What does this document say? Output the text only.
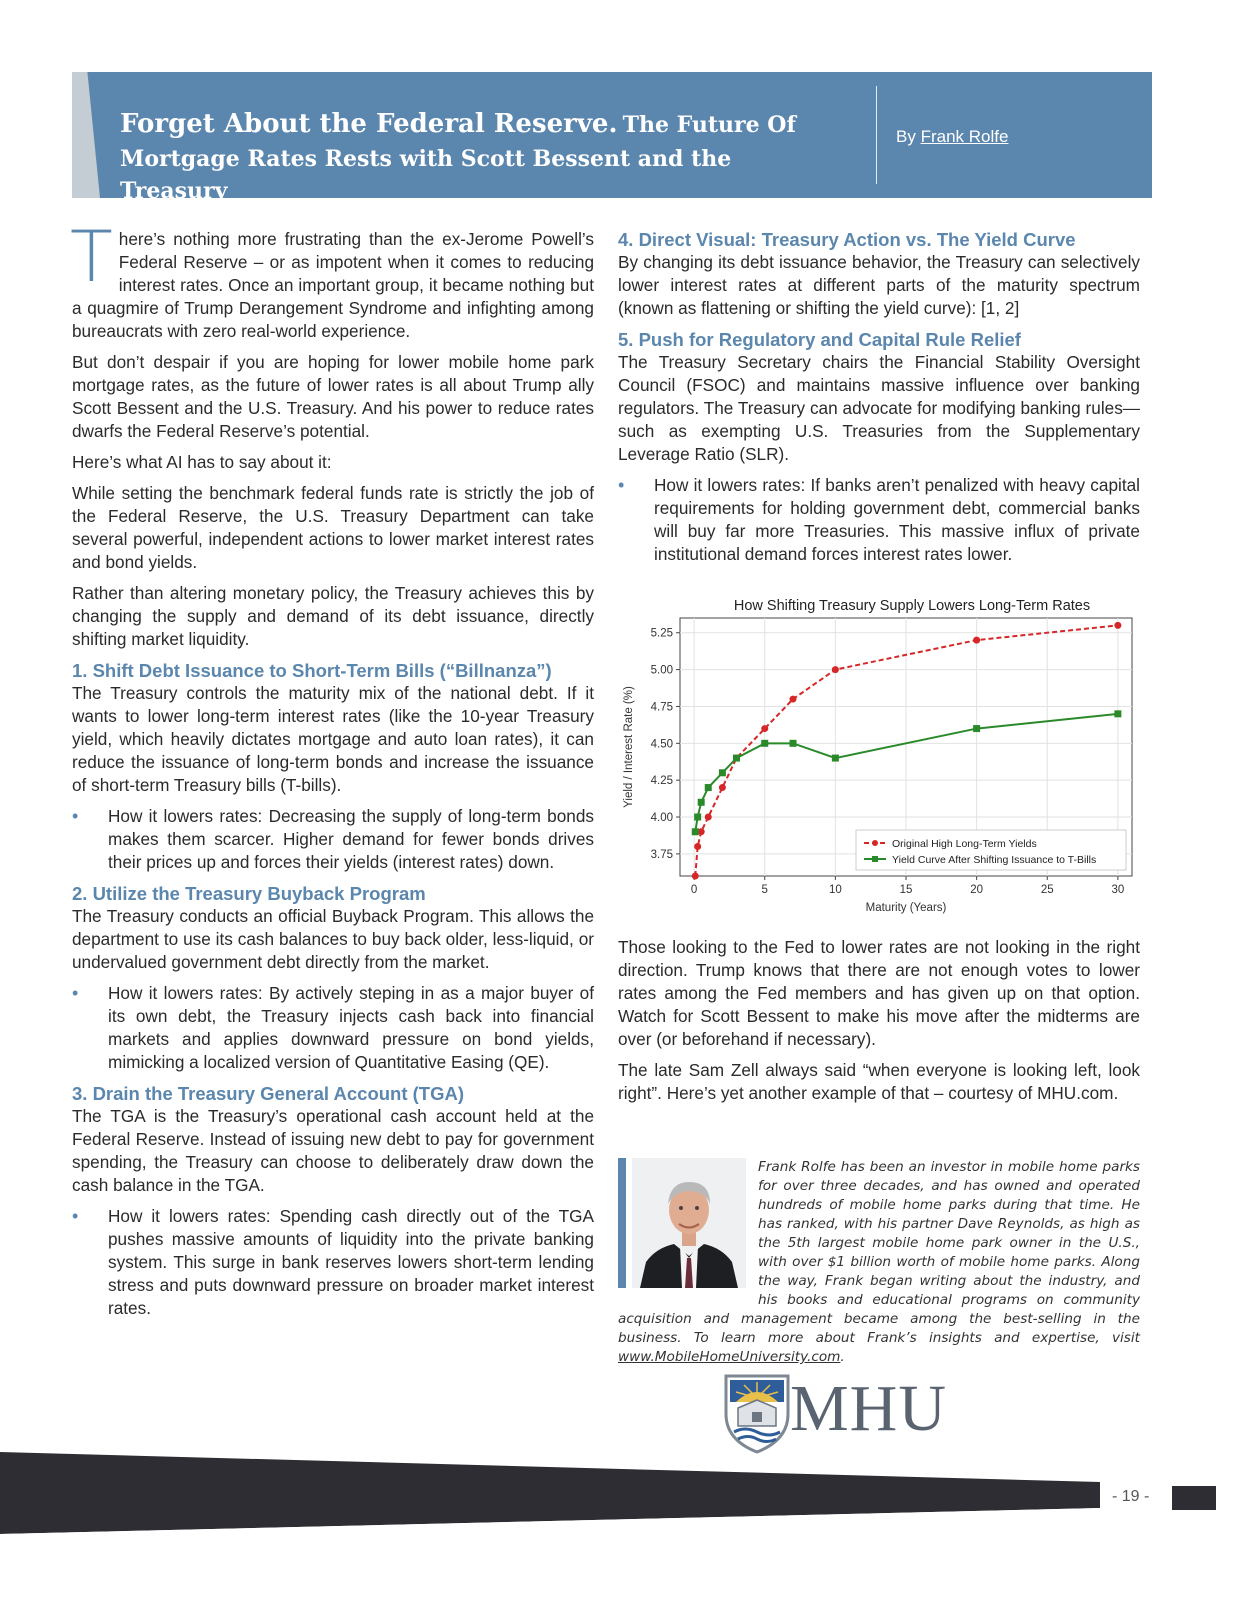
Forget About the Federal Reserve. The Future Of
Mortgage Rates Rests with Scott Bessent and the Treasury
By Frank Rolfe

There’s nothing more frustrating than the ex-Jerome Powell’s Federal Reserve – or as impotent when it comes to reducing interest rates. Once an important group, it became nothing but a quagmire of Trump Derangement Syndrome and infighting among bureaucrats with zero real-world experience.

But don’t despair if you are hoping for lower mobile home park mortgage rates, as the future of lower rates is all about Trump ally Scott Bessent and the U.S. Treasury. And his power to reduce rates dwarfs the Federal Reserve’s potential.

Here’s what AI has to say about it:

While setting the benchmark federal funds rate is strictly the job of the Federal Reserve, the U.S. Treasury Department can take several powerful, independent actions to lower market interest rates and bond yields.

Rather than altering monetary policy, the Treasury achieves this by changing the supply and demand of its debt issuance, directly shifting market liquidity.

1. Shift Debt Issuance to Short-Term Bills (“Billnanza”)

The Treasury controls the maturity mix of the national debt. If it wants to lower long-term interest rates (like the 10-year Treasury yield, which heavily dictates mortgage and auto loan rates), it can reduce the issuance of long-term bonds and increase the issuance of short-term Treasury bills (T-bills).

• How it lowers rates: Decreasing the supply of long-term bonds makes them scarcer. Higher demand for fewer bonds drives their prices up and forces their yields (interest rates) down.
2. Utilize the Treasury Buyback Program

The Treasury conducts an official Buyback Program. This allows the department to use its cash balances to buy back older, less-liquid, or undervalued government debt directly from the market.

• How it lowers rates: By actively steping in as a major buyer of its own debt, the Treasury injects cash back into financial markets and applies downward pressure on bond yields, mimicking a localized version of Quantitative Easing (QE).
3. Drain the Treasury General Account (TGA)

The TGA is the Treasury’s operational cash account held at the Federal Reserve. Instead of issuing new debt to pay for government spending, the Treasury can choose to deliberately draw down the cash balance in the TGA.

• How it lowers rates: Spending cash directly out of the TGA pushes massive amounts of liquidity into the private banking system. This surge in bank reserves lowers short-term lending stress and puts downward pressure on broader market interest rates.
4. Direct Visual: Treasury Action vs. The Yield Curve

By changing its debt issuance behavior, the Treasury can selectively lower interest rates at different parts of the maturity spectrum (known as flattening or shifting the yield curve): [1, 2]

5. Push for Regulatory and Capital Rule Relief

The Treasury Secretary chairs the Financial Stability Oversight Council (FSOC) and maintains massive influence over banking regulators. The Treasury can advocate for modifying banking rules—such as exempting U.S. Treasuries from the Supplementary Leverage Ratio (SLR).

• How it lowers rates: If banks aren’t penalized with heavy capital requirements for holding government debt, commercial banks will buy far more Treasuries. This massive influx of private institutional demand forces interest rates lower.
How Shifting Treasury Supply Lowers Long-Term Rates
0	5	10	15	20	25	30
3.75
4.00
4.25
4.50
4.75
5.00
5.25
Maturity (Years)
Yield / Interest Rate (%)
Original High Long-Term Yields
Yield Curve After Shifting Issuance to T-Bills

Those looking to the Fed to lower rates are not looking in the right direction. Trump knows that there are not enough votes to lower rates among the Fed members and has given up on that option. Watch for Scott Bessent to make his move after the midterms are over (or beforehand if necessary).

The late Sam Zell always said “when everyone is looking left, look right”. Here’s yet another example of that – courtesy of MHU.com.

Frank Rolfe has been an investor in mobile home parks for over three decades, and has owned and operated hundreds of mobile home parks during that time. He has ranked, with his partner Dave Reynolds, as high as the 5th largest mobile home park owner in the U.S., with over $1 billion worth of mobile home parks. Along the way, Frank began writing about the industry, and his books and educational programs on community acquisition and management became among the best-selling in the business. To learn more about Frank’s insights and expertise, visit www.MobileHomeUniversity.com.

MHU
- 19 -
